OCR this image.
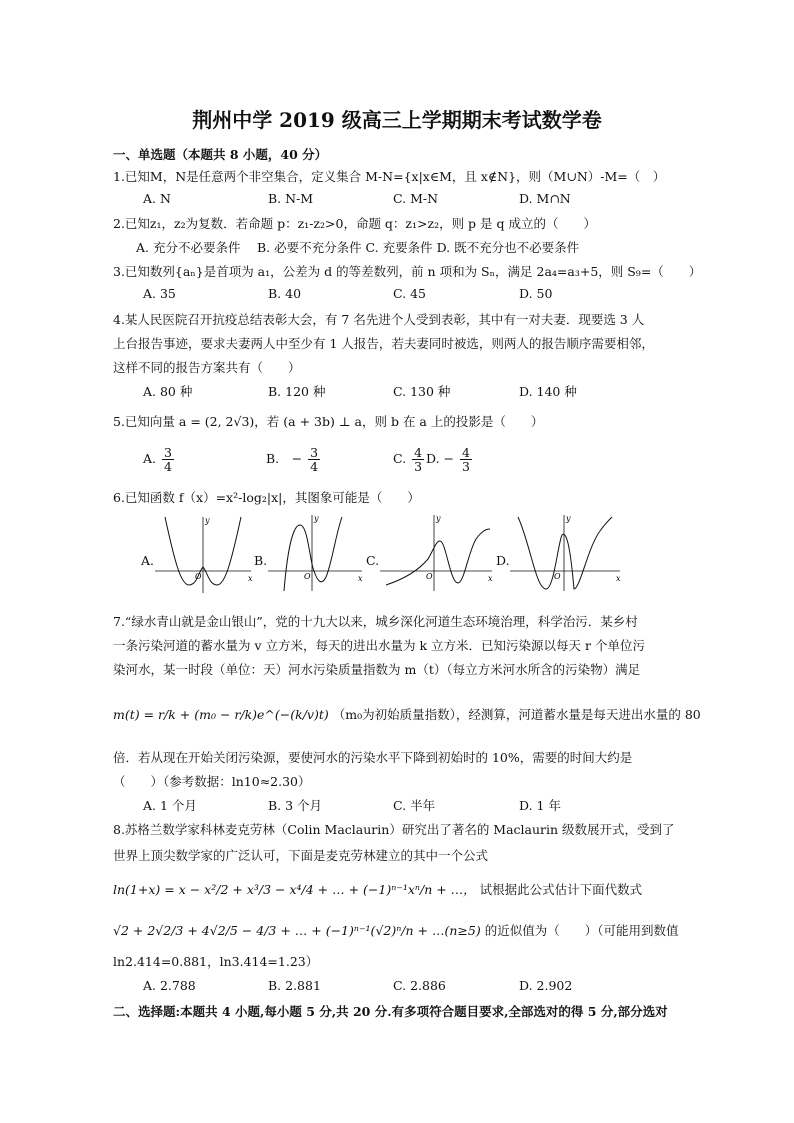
荆州中学 2019 级高三上学期期末考试数学卷
一、单选题（本题共 8 小题，40 分）
1.已知M，N是任意两个非空集合，定义集合 M-N={x|x∈M，且 x∉N}，则（M∪N）-M=（　）
A. N	B. N-M	C. M-N	D. M∩N
2.已知z₁，z₂为复数．若命题 p：z₁-z₂>0，命题 q：z₁>z₂，则 p 是 q 成立的（　　）
A. 充分不必要条件　 B. 必要不充分条件 C. 充要条件 D. 既不充分也不必要条件
3.已知数列{aₙ}是首项为 a₁，公差为 d 的等差数列，前 n 项和为 Sₙ，满足 2a₄=a₃+5，则 S₉=（　　）
A. 35	B. 40	C. 45	D. 50
4.某人民医院召开抗疫总结表彰大会，有 7 名先进个人受到表彰，其中有一对夫妻．现要选 3 人
上台报告事迹，要求夫妻两人中至少有 1 人报告，若夫妻同时被选，则两人的报告顺序需要相邻，
这样不同的报告方案共有（　　）
A. 80 种	B. 120 种	C. 130 种	D. 140 种
5.已知向量 a = (2, 2√3)，若 (a + 3b) ⊥ a，则 b 在 a 上的投影是（　　）
A. $\frac{3}{4}$	B.　− $\frac{3}{4}$	C. $\frac{4}{3} D$. − $\frac{4}{3}$
6.已知函数 f（x）=x²-log₂|x|，其图象可能是（　　）
A.
x
y
O
B.
x
y
O
C.
x
y
O
D.
x
y
O
7.“绿水青山就是金山银山”，党的十九大以来，城乡深化河道生态环境治理，科学治污．某乡村
一条污染河道的蓄水量为 v 立方米，每天的进出水量为 k 立方米．已知污染源以每天 r 个单位污
染河水，某一时段（单位：天）河水污染质量指数为 m（t）（每立方米河水所含的污染物）满足
m(t) = r/k + (m₀ − r/k)e^(−(k/v)t) （m₀为初始质量指数），经测算，河道蓄水量是每天进出水量的 80
倍．若从现在开始关闭污染源，要使河水的污染水平下降到初始时的 10%，需要的时间大约是
（　　）（参考数据：ln10≈2.30）
A. 1 个月	B. 3 个月	C. 半年	D. 1 年
8.苏格兰数学家科林麦克劳林（Colin Maclaurin）研究出了著名的 Maclaurin 级数展开式，受到了
世界上顶尖数学家的广泛认可，下面是麦克劳林建立的其中一个公式
ln(1+x) = x − x²/2 + x³/3 − x⁴/4 + … + (−1)ⁿ⁻¹xⁿ/n + …， 试根据此公式估计下面代数式
√2 + 2√2/3 + 4√2/5 − 4/3 + … + (−1)ⁿ⁻¹(√2)ⁿ/n + …(n≥5) 的近似值为（　　）（可能用到数值
ln2.414=0.881，ln3.414=1.23）
A. 2.788	B. 2.881	C. 2.886	D. 2.902
二、选择题:本题共 4 小题,每小题 5 分,共 20 分.有多项符合题目要求,全部选对的得 5 分,部分选对
